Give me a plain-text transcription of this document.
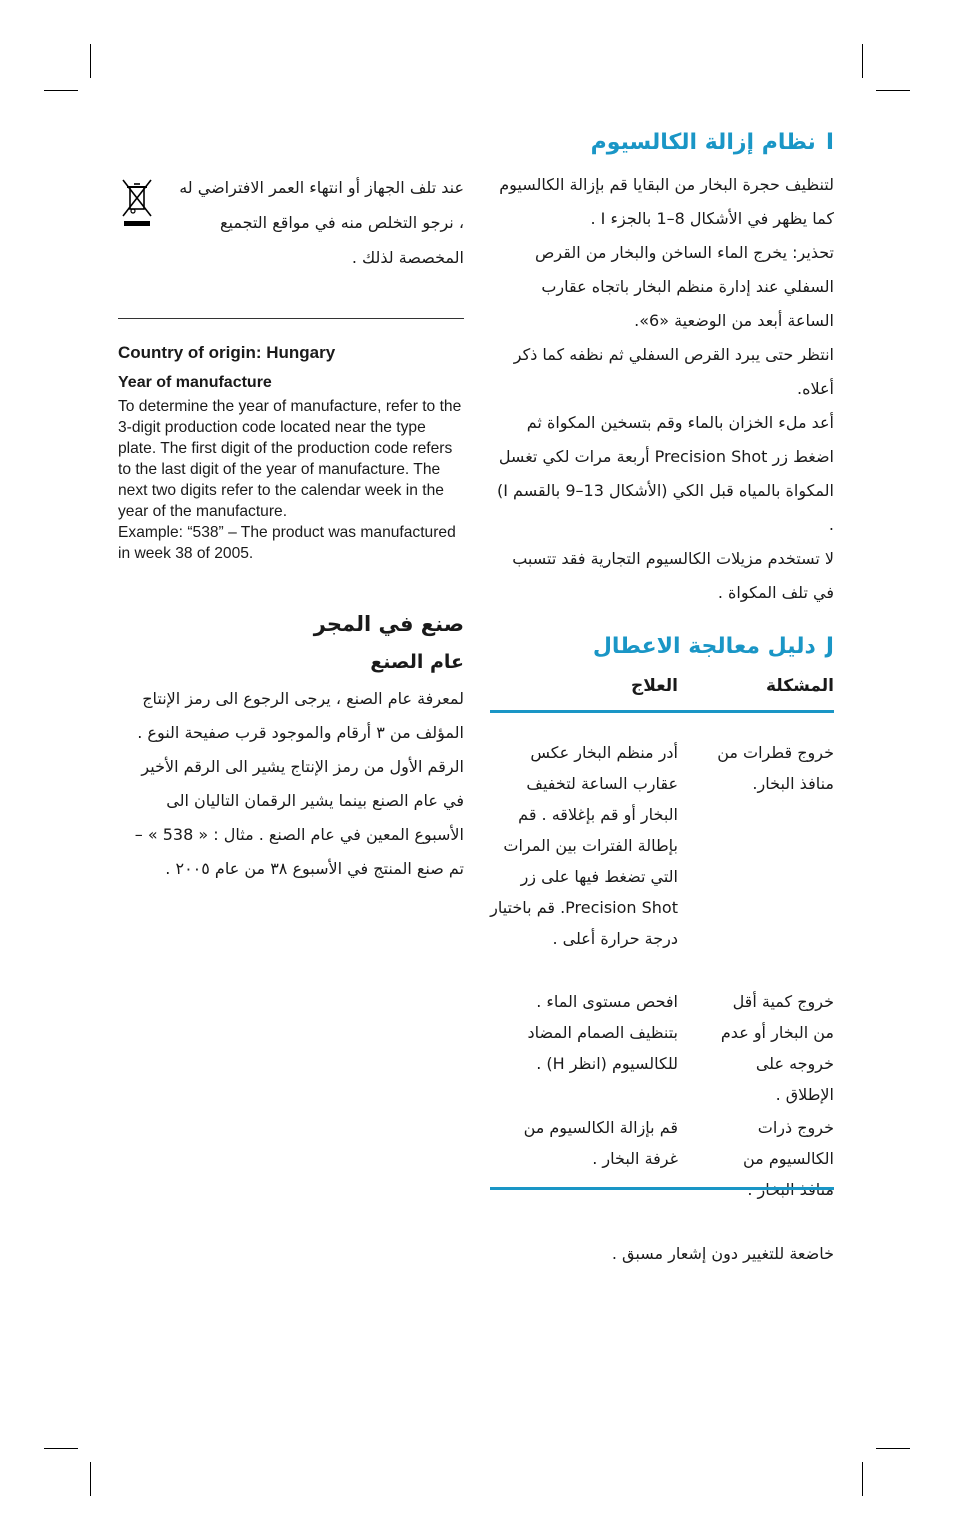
عند تلف الجهاز أو انتهاء العمر الافتراضي له ، نرجو التخلص منه في مواقع التجميع المخصصة لذلك .
Country of origin: Hungary
Year of manufacture

To determine the year of manufacture, refer to the 3-digit production code located near the type plate. The first digit of the production code refers to the last digit of the year of manufacture. The next two digits refer to the calendar week in the year of the manufacture.

Example: “538” – The product was manufactured in week 38 of 2005.

صنع في المجر
عام الصنع
لمعرفة عام الصنع ، يرجى الرجوع الى رمز الإنتاج المؤلف من ٣ أرقام والموجود قرب صفيحة النوع . الرقم الأول من رمز الإنتاج يشير الى الرقم الأخير في عام الصنع بينما يشير الرقمان التاليان الى الأسبوع المعين في عام الصنع . مثال : « 538 » – تم صنع المنتج في الأسبوع ٣٨ من عام ٢٠٠٥ .
Iنظام إزالة الكالسيوم
لتنظيف حجرة البخار من البقايا قم بإزالة الكالسيوم كما يظهر في الأشكال 8–1 بالجزء I .
تحذير: يخرج الماء الساخن والبخار من القرص السفلي عند إدارة منظم البخار باتجاه عقارب الساعة أبعد من الوضعية «6».
انتظر حتى يبرد القرص السفلي ثم نظفه كما ذكر أعلاه.
أعد ملء الخزان بالماء وقم بتسخين المكواة ثم اضغط زر Precision Shot أربعة مرات لكي تغسل المكواة بالمياه قبل الكي (الأشكال 13–9 بالقسم I) .
لا تستخدم مزيلات الكالسيوم التجارية فقد تتسبب في تلف المكواة .
Jدليل معالجة الاعطال
المشكلة
العلاج
خروج قطرات من منافذ البخار.
أدر منظم البخار عكس عقارب الساعة لتخفيف البخار أو قم بإغلاقه . قم بإطالة الفترات بين المرات التي تضغط فيها على زر Precision Shot. قم باختيار درجة حرارة أعلى .
خروج كمية أقل من البخار أو عدم خروجه على الإطلاق .
افحص مستوى الماء . بتنظيف الصمام المضاد للكالسيوم (انظر H) .
خروج ذرات الكالسيوم من
قم بإزالة الكالسيوم من غرفة البخار .
خاضعة للتغيير دون إشعار مسبق .
